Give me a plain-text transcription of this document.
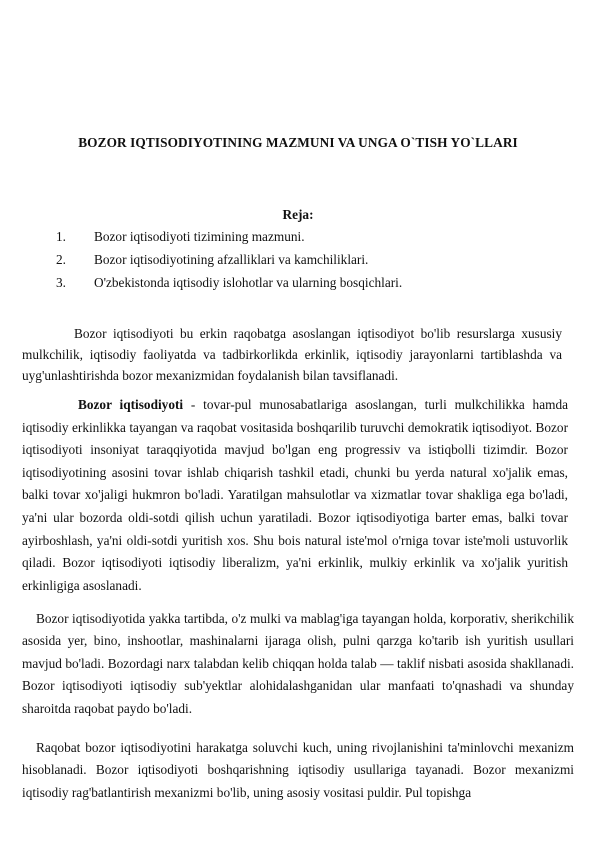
BOZOR IQTISODIYOTINING MAZMUNI VA UNGA O`TISH YO`LLARI
Reja:
1. Bozor iqtisodiyoti tizimining mazmuni.
2. Bozor iqtisodiyotining afzalliklari va kamchiliklari.
3. O'zbekistonda iqtisodiy islohotlar va ularning bosqichlari.
Bozor iqtisodiyoti bu erkin raqobatga asoslangan iqtisodiyot bo'lib resurslarga xususiy mulkchilik, iqtisodiy faoliyatda va tadbirkorlikda erkinlik, iqtisodiy jarayonlarni tartiblashda va uyg'unlashtirishda bozor mexanizmidan foydalanish bilan tavsiflanadi.
Bozor iqtisodiyoti - tovar-pul munosabatlariga asoslangan, turli mulkchilikka hamda iqtisodiy erkinlikka tayangan va raqobat vositasida boshqarilib turuvchi demokratik iqtisodiyot. Bozor iqtisodiyoti insoniyat taraqqiyotida mavjud bo'lgan eng progressiv va istiqbolli tizimdir. Bozor iqtisodiyotining asosini tovar ishlab chiqarish tashkil etadi, chunki bu yerda natural xo'jalik emas, balki tovar xo'jaligi hukmron bo'ladi. Yaratilgan mahsulotlar va xizmatlar tovar shakliga ega bo'ladi, ya'ni ular bozorda oldi-sotdi qilish uchun yaratiladi. Bozor iqtisodiyotiga barter emas, balki tovar ayirboshlash, ya'ni oldi-sotdi yuritish xos. Shu bois natural iste'mol o'rniga tovar iste'moli ustuvorlik qiladi. Bozor iqtisodiyoti iqtisodiy liberalizm, ya'ni erkinlik, mulkiy erkinlik va xo'jalik yuritish erkinligiga asoslanadi.
Bozor iqtisodiyotida yakka tartibda, o'z mulki va mablag'iga tayangan holda, korporativ, sherikchilik asosida yer, bino, inshootlar, mashinalarni ijaraga olish, pulni qarzga ko'tarib ish yuritish usullari mavjud bo'ladi. Bozordagi narx talabdan kelib chiqqan holda talab — taklif nisbati asosida shakllanadi. Bozor iqtisodiyoti iqtisodiy sub'yektlar alohidalashganidan ular manfaati to'qnashadi va shunday sharoitda raqobat paydo bo'ladi.
Raqobat bozor iqtisodiyotini harakatga soluvchi kuch, uning rivojlanishini ta'minlovchi mexanizm hisoblanadi. Bozor iqtisodiyoti boshqarishning iqtisodiy usullariga tayanadi. Bozor mexanizmi iqtisodiy rag'batlantirish mexanizmi bo'lib, uning asosiy vositasi puldir. Pul topishga
